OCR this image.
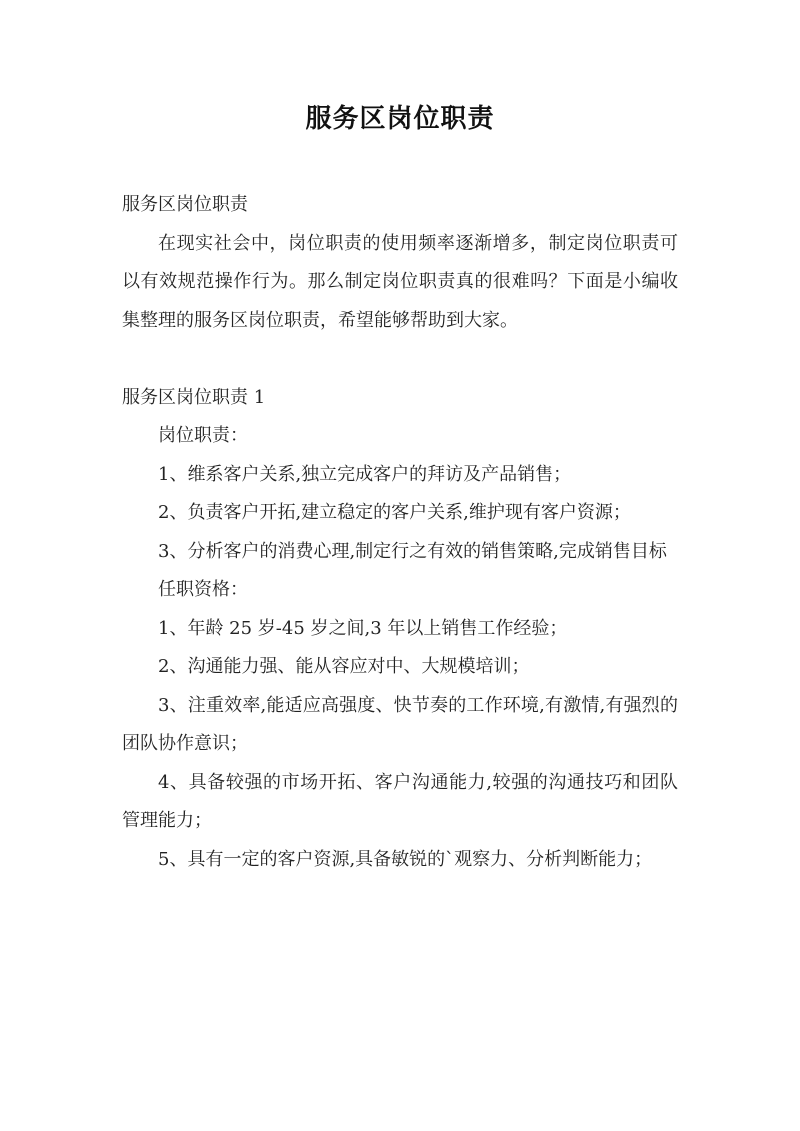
服务区岗位职责

服务区岗位职责

在现实社会中，岗位职责的使用频率逐渐增多，制定岗位职责可以有效规范操作行为。那么制定岗位职责真的很难吗？下面是小编收集整理的服务区岗位职责，希望能够帮助到大家。

服务区岗位职责 1

岗位职责：

1、维系客户关系,独立完成客户的拜访及产品销售；

2、负责客户开拓,建立稳定的客户关系,维护现有客户资源；

3、分析客户的消费心理,制定行之有效的销售策略,完成销售目标

任职资格：

1、年龄 25 岁-45 岁之间,3 年以上销售工作经验；

2、沟通能力强、能从容应对中、大规模培训；

3、注重效率,能适应高强度、快节奏的工作环境,有激情,有强烈的团队协作意识；

4、具备较强的市场开拓、客户沟通能力,较强的沟通技巧和团队管理能力；

5、具有一定的客户资源,具备敏锐的`观察力、分析判断能力；
